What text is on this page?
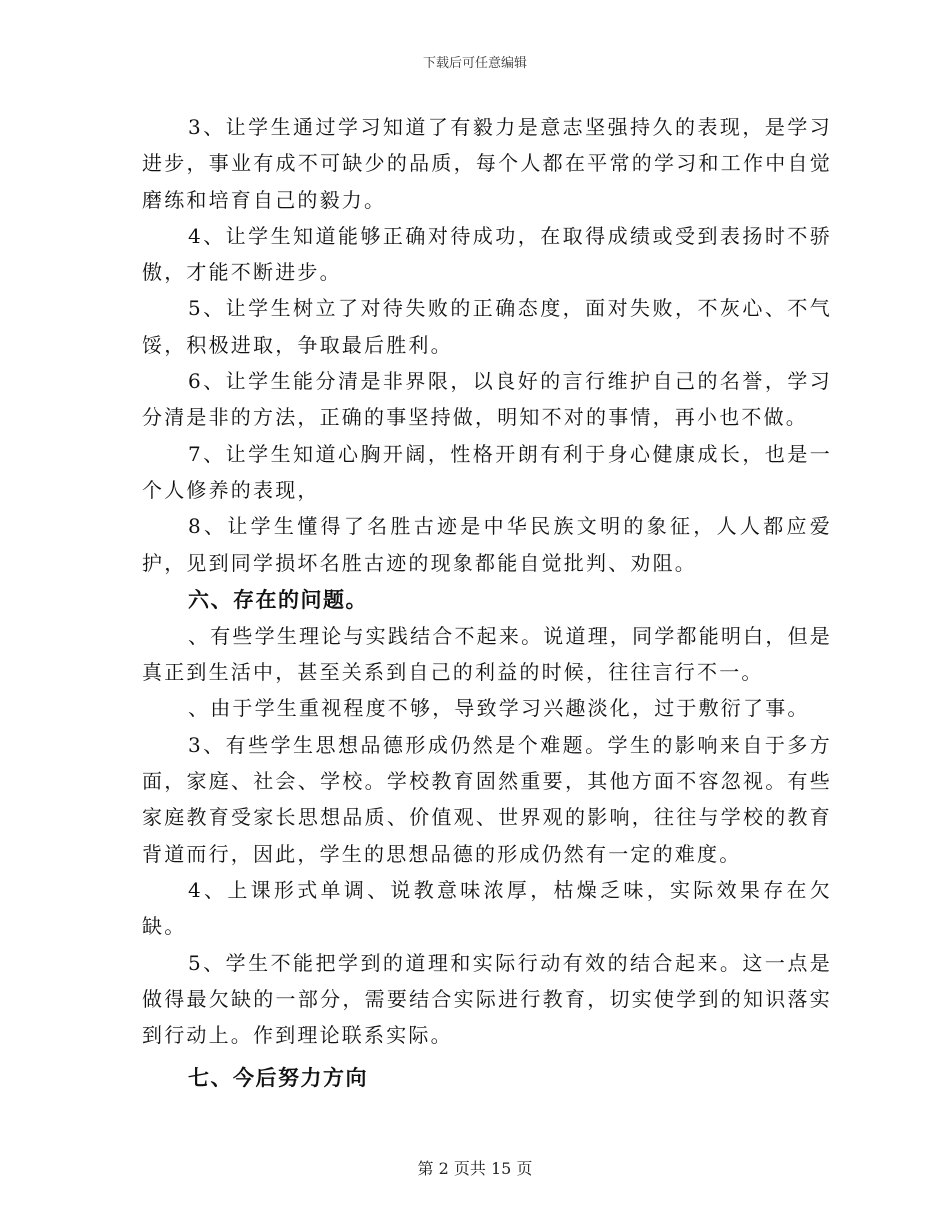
下载后可任意编辑

3、让学生通过学习知道了有毅力是意志坚强持久的表现，是学习进步，事业有成不可缺少的品质，每个人都在平常的学习和工作中自觉磨练和培育自己的毅力。

4、让学生知道能够正确对待成功，在取得成绩或受到表扬时不骄傲，才能不断进步。

5、让学生树立了对待失败的正确态度，面对失败，不灰心、不气馁，积极进取，争取最后胜利。

6、让学生能分清是非界限，以良好的言行维护自己的名誉，学习分清是非的方法，正确的事坚持做，明知不对的事情，再小也不做。

7、让学生知道心胸开阔，性格开朗有利于身心健康成长，也是一个人修养的表现，

8、让学生懂得了名胜古迹是中华民族文明的象征，人人都应爱护，见到同学损坏名胜古迹的现象都能自觉批判、劝阻。

六、存在的问题。

、有些学生理论与实践结合不起来。说道理，同学都能明白，但是真正到生活中，甚至关系到自己的利益的时候，往往言行不一。

、由于学生重视程度不够，导致学习兴趣淡化，过于敷衍了事。

3、有些学生思想品德形成仍然是个难题。学生的影响来自于多方面，家庭、社会、学校。学校教育固然重要，其他方面不容忽视。有些家庭教育受家长思想品质、价值观、世界观的影响，往往与学校的教育背道而行，因此，学生的思想品德的形成仍然有一定的难度。

4、上课形式单调、说教意味浓厚，枯燥乏味，实际效果存在欠缺。

5、学生不能把学到的道理和实际行动有效的结合起来。这一点是做得最欠缺的一部分，需要结合实际进行教育，切实使学到的知识落实到行动上。作到理论联系实际。

七、今后努力方向

第 2 页共 15 页
